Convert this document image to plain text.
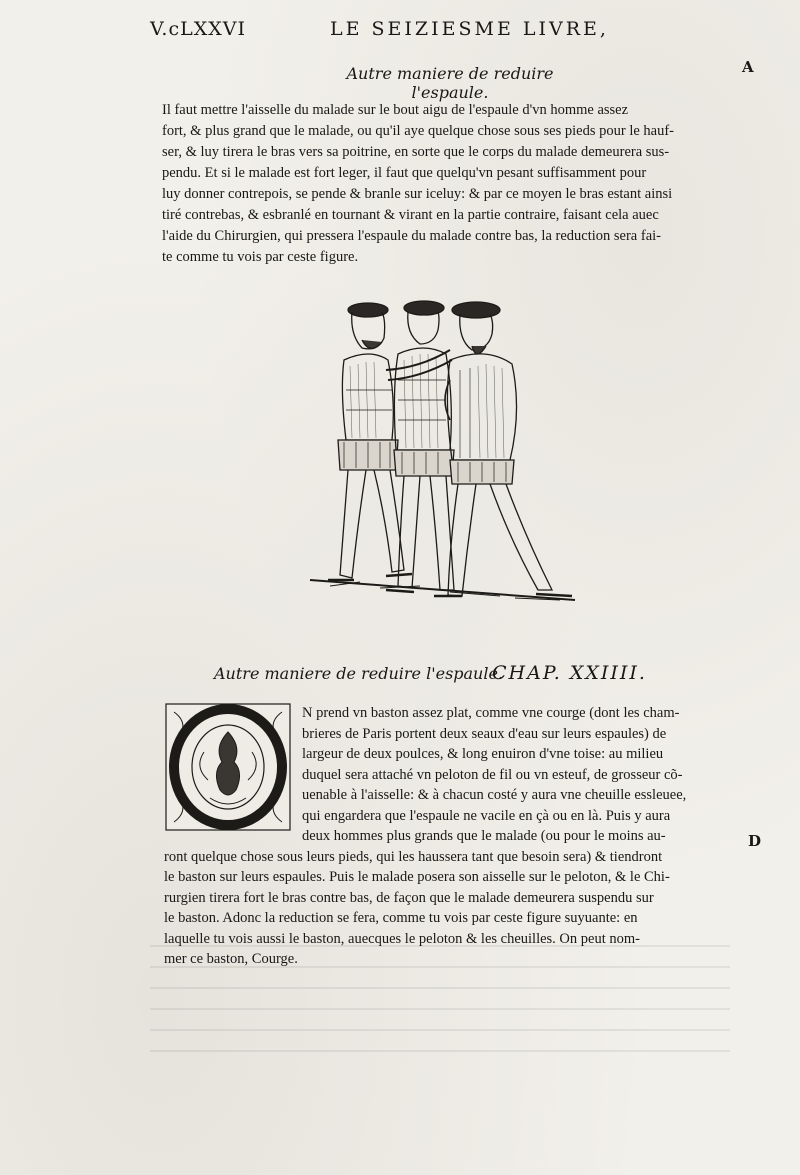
V.cLXXVI	LE SEIZIESME LIVRE,
A
Autre maniere de reduire l'espaule.
Il faut mettre l'aisselle du malade sur le bout aigu de l'espaule d'vn homme assez
fort, & plus grand que le malade, ou qu'il aye quelque chose sous ses pieds pour le hauf-
ser, & luy tirera le bras vers sa poitrine, en sorte que le corps du malade demeurera sus-
pendu. Et si le malade est fort leger, il faut que quelqu'vn pesant suffisamment pour
luy donner contrepois, se pende & branle sur iceluy: & par ce moyen le bras estant ainsi
tiré contrebas, & esbranlé en tournant & virant en la partie contraire, faisant cela auec
l'aide du Chirurgien, qui pressera l'espaule du malade contre bas, la reduction sera fai-
te comme tu vois par ceste figure.
Autre maniere de reduire l'espaule.
CHAP. XXIIII.
N prend vn baston assez plat, comme vne courge (dont les cham-
brieres de Paris portent deux seaux d'eau sur leurs espaules) de
largeur de deux poulces, & long enuiron d'vne toise: au milieu
duquel sera attaché vn peloton de fil ou vn esteuf, de grosseur cõ-
uenable à l'aisselle: & à chacun costé y aura vne cheuille essleuee,
qui engardera que l'espaule ne vacile en çà ou en là. Puis y aura
deux hommes plus grands que le malade (ou pour le moins au-
ront quelque chose sous leurs pieds, qui les haussera tant que besoin sera) & tiendront
le baston sur leurs espaules. Puis le malade posera son aisselle sur le peloton, & le Chi-
rurgien tirera fort le bras contre bas, de façon que le malade demeurera suspendu sur
le baston. Adonc la reduction se fera, comme tu vois par ceste figure suyuante: en
laquelle tu vois aussi le baston, auecques le peloton & les cheuilles. On peut nom-
mer ce baston, Courge.
D
